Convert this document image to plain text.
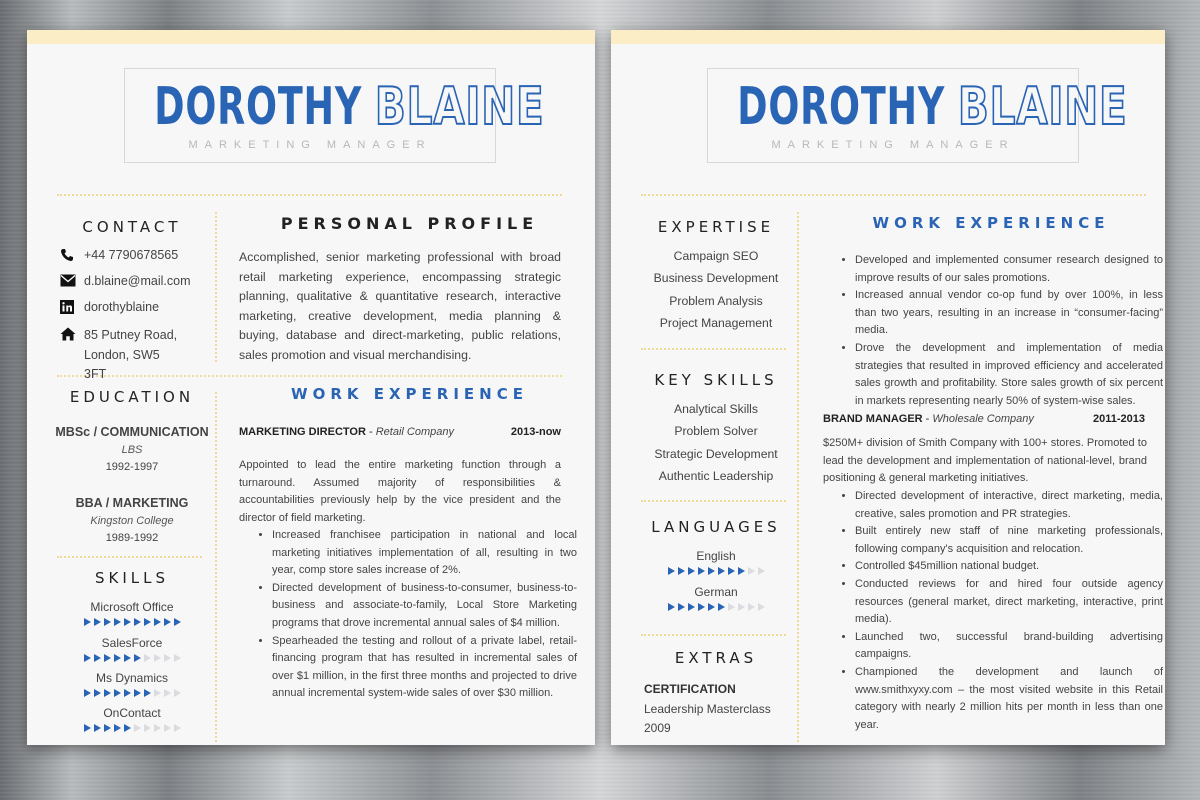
DOROTHY BLAINE
MARKETING MANAGER
CONTACT
+44 7790678565
d.blaine@mail.com
dorothyblaine
85 Putney Road, London, SW5 3FT
PERSONAL PROFILE
Accomplished, senior marketing professional with broad retail marketing experience, encompassing strategic planning, qualitative & quantitative research, interactive marketing, creative development, media planning & buying, database and direct-marketing, public relations, sales promotion and visual merchandising.
EDUCATION
MBSc / COMMUNICATION
LBS
1992-1997
BBA / MARKETING
Kingston College
1989-1992
SKILLS
Microsoft Office
SalesForce
Ms Dynamics
OnContact
WORK EXPERIENCE
MARKETING DIRECTOR - Retail Company	2013-now
Appointed to lead the entire marketing function through a turnaround. Assumed majority of responsibilities & accountabilities previously help by the vice president and the director of field marketing.
• Increased franchisee participation in national and local marketing initiatives implementation of all, resulting in two year, comp store sales increase of 2%.
• Directed development of business-to-consumer, business-to-business and associate-to-family, Local Store Marketing programs that drove incremental annual sales of $4 million.
• Spearheaded the testing and rollout of a private label, retail-financing program that has resulted in incremental sales of over $1 million, in the first three months and projected to drive annual incremental system-wide sales of over $30 million.
DOROTHY BLAINE
MARKETING MANAGER
EXPERTISE
Campaign SEO
Business Development
Problem Analysis
Project Management
KEY SKILLS
Analytical Skills
Problem Solver
Strategic Development
Authentic Leadership
LANGUAGES
English
German
EXTRAS
CERTIFICATION
Leadership Masterclass
2009
WORK EXPERIENCE
• Developed and implemented consumer research designed to improve results of our sales promotions.
• Increased annual vendor co-op fund by over 100%, in less than two years, resulting in an increase in “consumer-facing” media.
• Drove the development and implementation of media strategies that resulted in improved efficiency and accelerated sales growth and profitability. Store sales growth of six percent in markets representing nearly 50% of system-wise sales.
BRAND MANAGER - Wholesale Company	2011-2013
$250M+ division of Smith Company with 100+ stores. Promoted to lead the development and implementation of national-level, brand positioning & general marketing initiatives.
• Directed development of interactive, direct marketing, media, creative, sales promotion and PR strategies.
• Built entirely new staff of nine marketing professionals, following company's acquisition and relocation.
• Controlled $45million national budget.
• Conducted reviews for and hired four outside agency resources (general market, direct marketing, interactive, print media).
• Launched two, successful brand-building advertising campaigns.
• Championed the development and launch of www.smithxyxy.com – the most visited website in this Retail category with nearly 2 million hits per month in less than one year.
